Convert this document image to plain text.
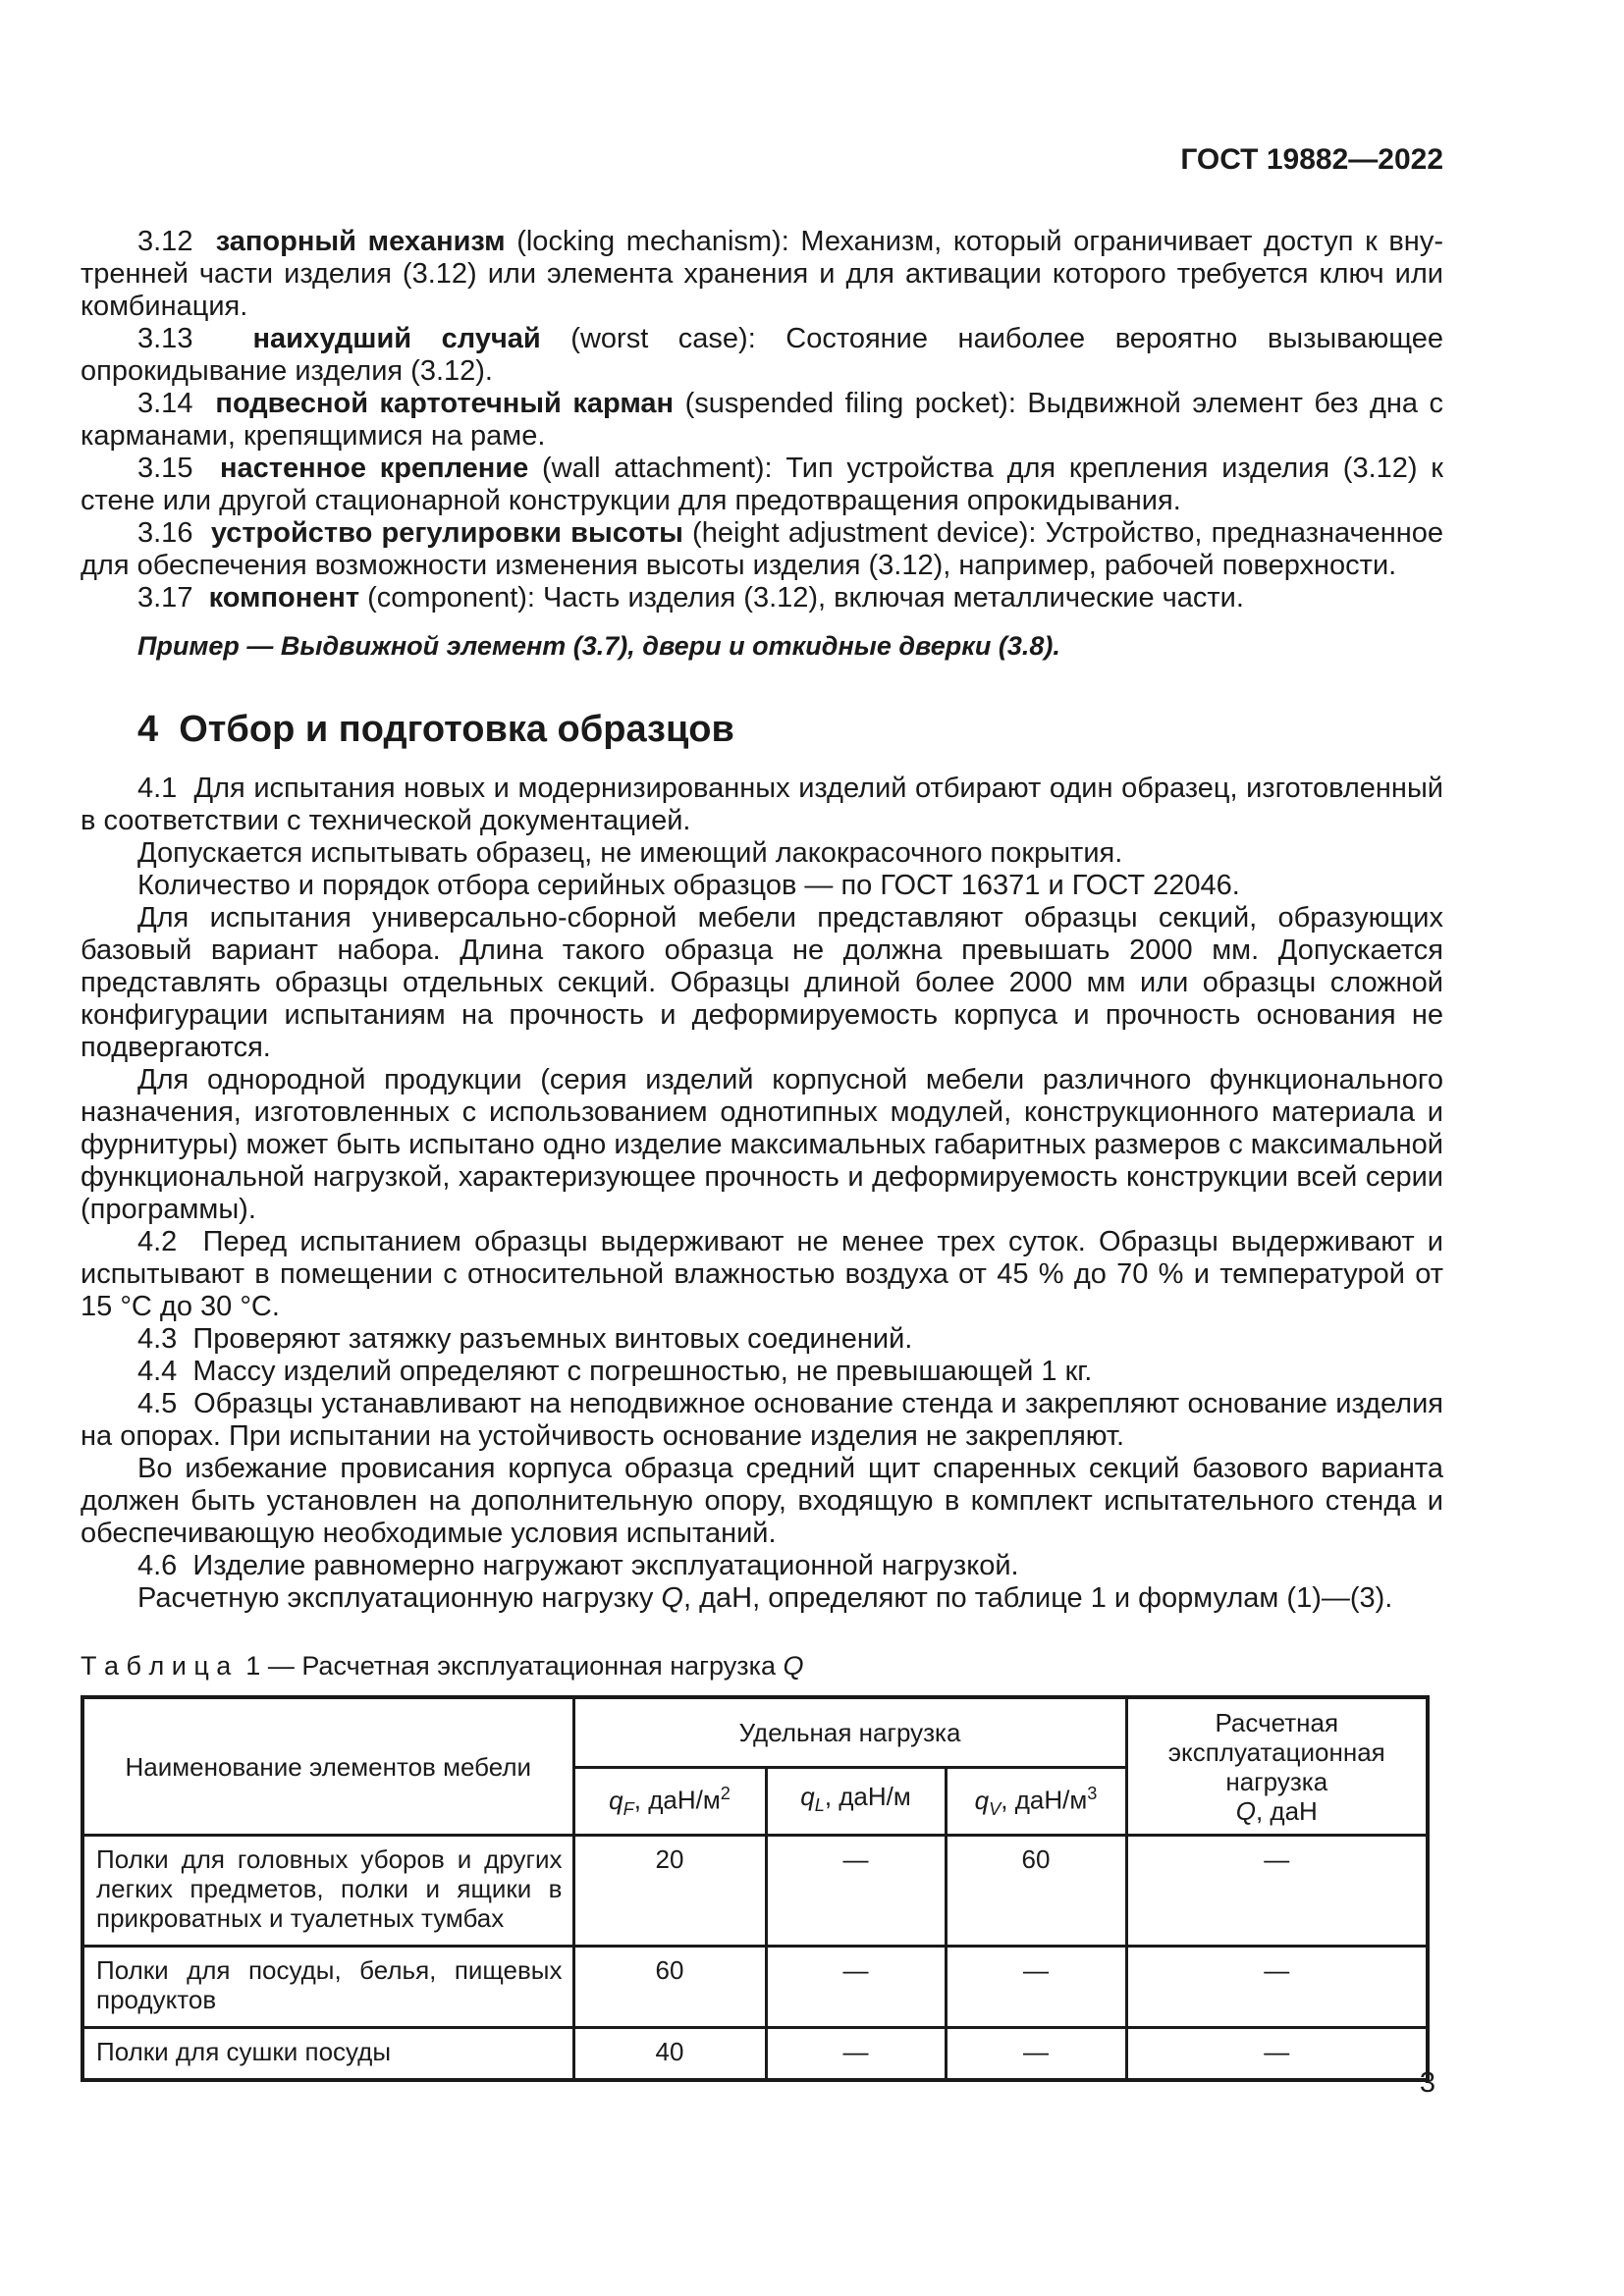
ГОСТ 19882—2022

3.12  запорный механизм (locking mechanism): Механизм, который ограничивает доступ к внутренней части изделия (3.12) или элемента хранения и для активации которого требуется ключ или комбинация.

3.13  наихудший случай (worst case): Состояние наиболее вероятно вызывающее опрокидывание изделия (3.12).

3.14  подвесной картотечный карман (suspended filing pocket): Выдвижной элемент без дна с карманами, крепящимися на раме.

3.15  настенное крепление (wall attachment): Тип устройства для крепления изделия (3.12) к стене или другой стационарной конструкции для предотвращения опрокидывания.

3.16  устройство регулировки высоты (height adjustment device): Устройство, предназначенное для обеспечения возможности изменения высоты изделия (3.12), например, рабочей поверхности.

3.17  компонент (component): Часть изделия (3.12), включая металлические части.

Пример — Выдвижной элемент (3.7), двери и откидные дверки (3.8).

4  Отбор и подготовка образцов

4.1  Для испытания новых и модернизированных изделий отбирают один образец, изготовленный в соответствии с технической документацией.

Допускается испытывать образец, не имеющий лакокрасочного покрытия.

Количество и порядок отбора серийных образцов — по ГОСТ 16371 и ГОСТ 22046.

Для испытания универсально-сборной мебели представляют образцы секций, образующих базовый вариант набора. Длина такого образца не должна превышать 2000 мм. Допускается представлять образцы отдельных секций. Образцы длиной более 2000 мм или образцы сложной конфигурации испытаниям на прочность и деформируемость корпуса и прочность основания не подвергаются.

Для однородной продукции (серия изделий корпусной мебели различного функционального назначения, изготовленных с использованием однотипных модулей, конструкционного материала и фурнитуры) может быть испытано одно изделие максимальных габаритных размеров с максимальной функциональной нагрузкой, характеризующее прочность и деформируемость конструкции всей серии (программы).

4.2  Перед испытанием образцы выдерживают не менее трех суток. Образцы выдерживают и испытывают в помещении с относительной влажностью воздуха от 45 % до 70 % и температурой от 15 °С до 30 °С.

4.3  Проверяют затяжку разъемных винтовых соединений.

4.4  Массу изделий определяют с погрешностью, не превышающей 1 кг.

4.5  Образцы устанавливают на неподвижное основание стенда и закрепляют основание изделия на опорах. При испытании на устойчивость основание изделия не закрепляют.

Во избежание провисания корпуса образца средний щит спаренных секций базового варианта должен быть установлен на дополнительную опору, входящую в комплект испытательного стенда и обеспечивающую необходимые условия испытаний.

4.6  Изделие равномерно нагружают эксплуатационной нагрузкой.

Расчетную эксплуатационную нагрузку Q, даН, определяют по таблице 1 и формулам (1)—(3).

Т а б л и ц а  1 — Расчетная эксплуатационная нагрузка Q

Наименование элементов мебели	Удельная нагрузка			Расчетная
эксплуатационная нагрузка
Q, даН
	$q_F$, даН/$м^2$	$q_L$, даН/м	$q_V$, даН/$м^3$
Полки для головных уборов и других легких предметов, полки и ящики в прикроватных и туалетных тумбах	20	—	60	—
Полки для посуды, белья, пищевых продуктов	60	—	—	—
Полки для сушки посуды	40	—	—	—
3
